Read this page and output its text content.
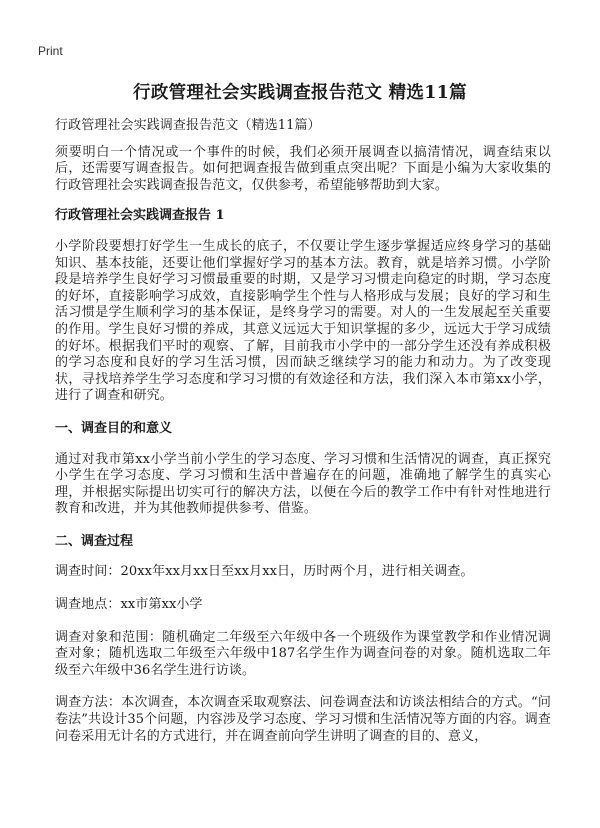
Print
行政管理社会实践调查报告范文 精选11篇

行政管理社会实践调查报告范文（精选11篇）

须要明白一个情况或一个事件的时候，我们必须开展调查以搞清情况，调查结束以后，还需要写调查报告。如何把调查报告做到重点突出呢？下面是小编为大家收集的行政管理社会实践调查报告范文，仅供参考，希望能够帮助到大家。

行政管理社会实践调查报告 1

小学阶段要想打好学生一生成长的底子，不仅要让学生逐步掌握适应终身学习的基础知识、基本技能，还要让他们掌握好学习的基本方法。教育，就是培养习惯。小学阶段是培养学生良好学习习惯最重要的时期，又是学习习惯走向稳定的时期，学习态度的好坏，直接影响学习成效，直接影响学生个性与人格形成与发展；良好的学习和生活习惯是学生顺利学习的基本保证，是终身学习的需要。对人的一生发展起至关重要的作用。学生良好习惯的养成，其意义远远大于知识掌握的多少，远远大于学习成绩的好坏。根据我们平时的观察、了解，目前我市小学中的一部分学生还没有养成积极的学习态度和良好的学习生活习惯，因而缺乏继续学习的能力和动力。为了改变现状，寻找培养学生学习态度和学习习惯的有效途径和方法，我们深入本市第xx小学，进行了调查和研究。

一、调查目的和意义

通过对我市第xx小学当前小学生的学习态度、学习习惯和生活情况的调查，真正探究小学生在学习态度、学习习惯和生活中普遍存在的问题，准确地了解学生的真实心理，并根据实际提出切实可行的解决方法，以便在今后的教学工作中有针对性地进行教育和改进，并为其他教师提供参考、借鉴。

二、调查过程

调查时间：20xx年xx月xx日至xx月xx日，历时两个月，进行相关调查。

调查地点：xx市第xx小学

调查对象和范围：随机确定二年级至六年级中各一个班级作为课堂教学和作业情况调查对象；随机选取二年级至六年级中187名学生作为调查问卷的对象。随机选取二年级至六年级中36名学生进行访谈。

调查方法：本次调查，本次调查采取观察法、问卷调查法和访谈法相结合的方式。“问卷法”共设计35个问题，内容涉及学习态度、学习习惯和生活情况等方面的内容。调查问卷采用无计名的方式进行，并在调查前向学生讲明了调查的目的、意义，
